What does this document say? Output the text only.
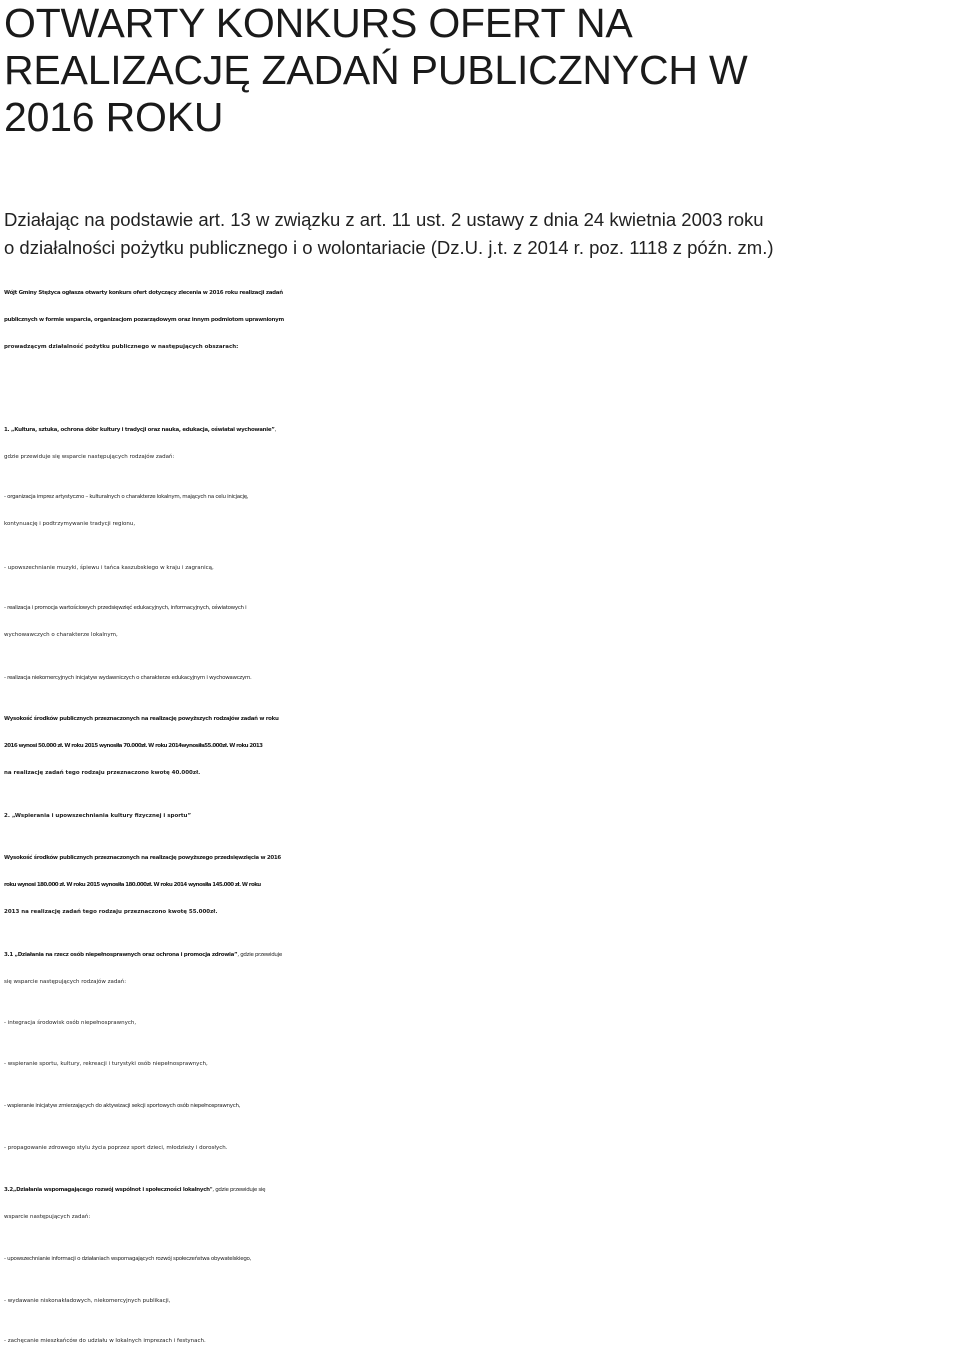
OTWARTY KONKURS OFERT NA
REALIZACJĘ ZADAŃ PUBLICZNYCH W
2016 ROKU

Działając na podstawie art. 13 w związku z art. 11 ust. 2 ustawy z dnia 24 kwietnia 2003 roku
o działalności pożytku publicznego i o wolontariacie (Dz.U. j.t. z 2014 r. poz. 1118 z późn. zm.)

Wójt Gminy Stężyca ogłasza otwarty konkurs ofert dotyczący zlecenia w 2016 roku realizacji zadań
publicznych w formie wsparcia, organizacjom pozarządowym oraz innym podmiotom uprawnionym
prowadzącym działalność pożytku publicznego w następujących obszarach:

1. „Kultura, sztuka, ochrona dóbr kultury i tradycji oraz nauka, edukacja, oświatai wychowanie”,
gdzie przewiduje się wsparcie następujących rodzajów zadań:

- organizacja imprez artystyczno – kulturalnych o charakterze lokalnym, mających na celu inicjację,
kontynuację i podtrzymywanie tradycji regionu,

- upowszechnianie muzyki, śpiewu i tańca kaszubskiego w kraju i zagranicą,

- realizacja i promocja wartościowych przedsięwzięć edukacyjnych, informacyjnych, oświatowych i
wychowawczych o charakterze lokalnym,

- realizacja niekomercyjnych inicjatyw wydawniczych o charakterze edukacyjnym i wychowawczym.

Wysokość środków publicznych przeznaczonych na realizację powyższych rodzajów zadań w roku
2016 wynosi 50.000 zł. W roku 2015 wynosiła 70.000zł. W roku 2014wynosiła55.000zł. W roku 2013
na realizację zadań tego rodzaju przeznaczono kwotę 40.000zł.

2. „Wspierania i upowszechniania kultury fizycznej i sportu”

Wysokość środków publicznych przeznaczonych na realizację powyższego przedsięwzięcia w 2016
roku wynosi 180.000 zł. W roku 2015 wynosiła 180.000zł. W roku 2014 wynosiła 145.000 zł. W roku
2013 na realizację zadań tego rodzaju przeznaczono kwotę 55.000zł.

3.1 „Działania na rzecz osób niepełnosprawnych oraz ochrona i promocja zdrowia”, gdzie przewiduje
się wsparcie następujących rodzajów zadań:

- integracja środowisk osób niepełnosprawnych,

- wspieranie sportu, kultury, rekreacji i turystyki osób niepełnosprawnych,

- wspieranie inicjatyw zmierzających do aktywizacji sekcji sportowych osób niepełnosprawnych,

- propagowanie zdrowego stylu życia poprzez sport dzieci, młodzieży i dorosłych.

3.2„Działania wspomagającego rozwój wspólnot i społeczności lokalnych", gdzie przewiduje się
wsparcie następujących zadań:

- upowszechnianie informacji o działaniach wspomagających rozwój społeczeństwa obywatelskiego,

- wydawanie niskonakładowych, niekomercyjnych publikacji,

- zachęcanie mieszkańców do udziału w lokalnych imprezach i festynach.
